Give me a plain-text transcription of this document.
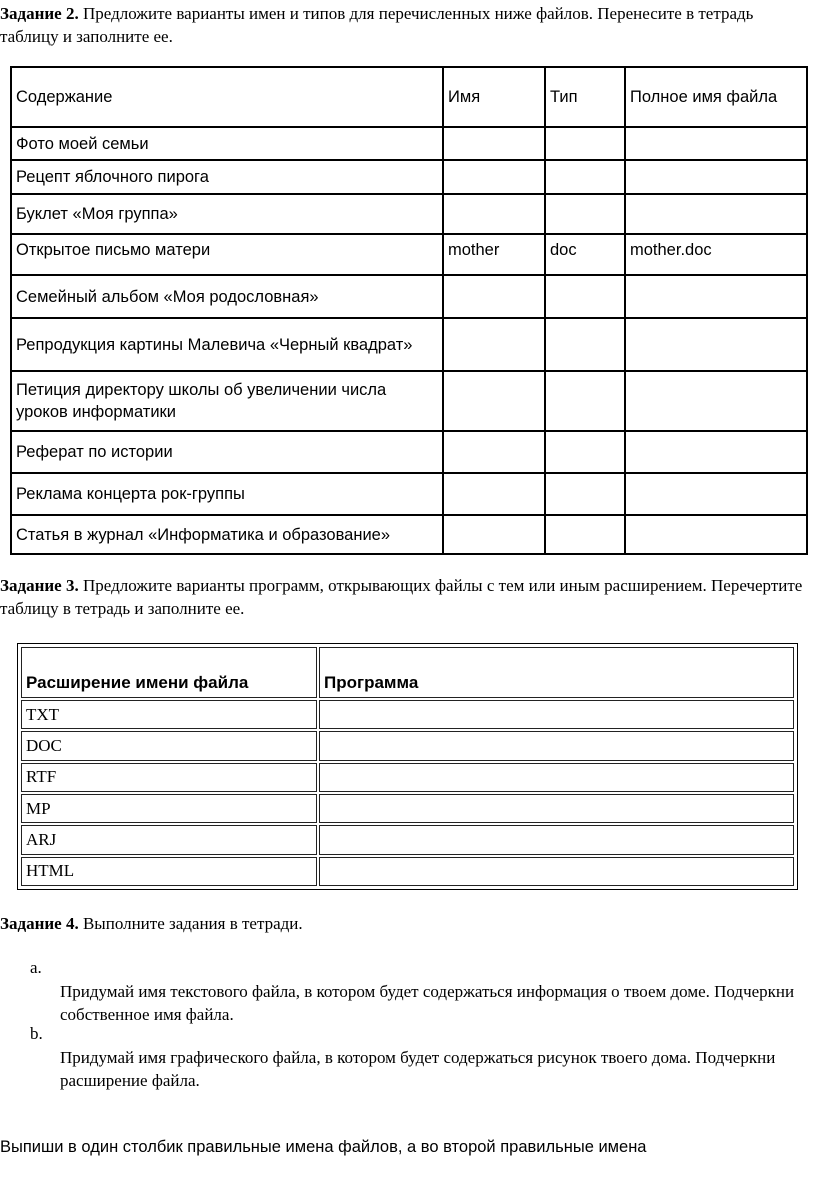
Задание 2. Предложите варианты имен и типов для перечисленных ниже файлов. Перенесите в тетрадь таблицу и заполните ее.
Содержание	Имя	Тип	Полное имя файла
Фото моей семьи			
Рецепт яблочного пирога			
Буклет «Моя группа»			
Открытое письмо матери	mother	doc	mother.doc
Семейный альбом «Моя родословная»			
Репродукция картины Малевича «Черный квадрат»			
Петиция директору школы об увеличении числа уроков информатики			
Реферат по истории			
Реклама концерта рок-группы			
Статья в журнал «Информатика и образование»			
Задание 3. Предложите варианты программ, открывающих файлы с тем или иным расширением. Перечертите таблицу в тетрадь и заполните ее.
Расширение имени файла	Программа
TXT	
DOC	
RTF	
MP	
ARJ	
HTML	
Задание 4. Выполните задания в тетради.
a.
Придумай имя текстового файла, в котором будет содержаться информация о твоем доме. Подчеркни собственное имя файла.
b.
Придумай имя графического файла, в котором будет содержаться рисунок твоего дома. Подчеркни расширение файла.
Выпиши в один столбик правильные имена файлов, а во второй правильные имена
